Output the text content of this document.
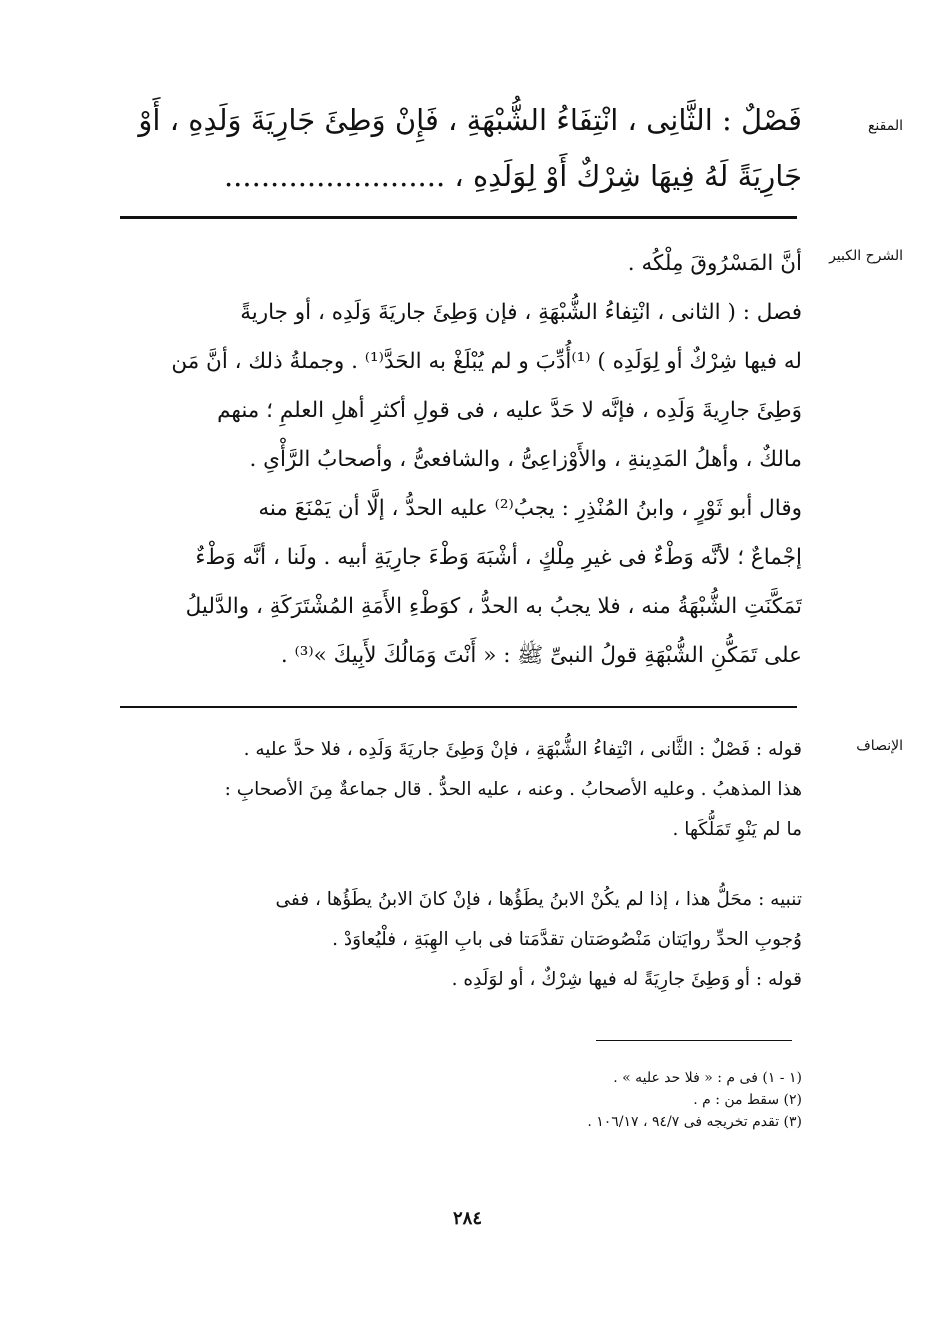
المقنع
فَصْلٌ : الثَّانِى ، انْتِفَاءُ الشُّبْهَةِ ، فَإِنْ وَطِئَ جَارِيَةَ وَلَدِهِ ، أَوْ
جَارِيَةً لَهُ فِيهَا شِرْكٌ أَوْ لِوَلَدِهِ ، ........................
الشرح الكبير
أنَّ المَسْرُوقَ مِلْكُه .
فصل : ( الثانى ، انْتِفاءُ الشُّبْهَةِ ، فإن وَطِئَ جاريَةَ وَلَدِه ، أو جاريةً
له فيها شِرْكٌ أو لِوَلَدِه ) ⁽¹⁾أُدِّبَ و لم يُبْلَغْ به الحَدَّ⁽¹⁾ . وجملةُ ذلك ، أنَّ مَن
وَطِئَ جارِيةَ وَلَدِه ، فإنَّه لا حَدَّ عليه ، فى قولِ أكثرِ أهلِ العلمِ ؛ منهم
مالكٌ ، وأهلُ المَدِينةِ ، والأَوْزاعِىُّ ، والشافعىُّ ، وأصحابُ الرَّأْىِ .
وقال أبو ثَوْرٍ ، وابنُ المُنْذِرِ : يجبُ⁽²⁾ عليه الحدُّ ، إلَّا أن يَمْنَعَ منه
إجْماعٌ ؛ لأنَّه وَطْءٌ فى غيرِ مِلْكٍ ، أشْبَهَ وَطْءَ جارِيَةِ أبيه . ولَنا ، أنَّه وَطْءٌ
تَمَكَّنَتِ الشُّبْهَةُ منه ، فلا يجبُ به الحدُّ ، كوَطْءِ الأَمَةِ المُشْتَرَكَةِ ، والدَّليلُ
على تَمَكُّنِ الشُّبْهَةِ قولُ النبىِّ ﷺ : « أَنْتَ وَمَالُكَ لأَبِيكَ »⁽³⁾ .
الإنصاف
قوله : فَصْلٌ : الثَّانى ، انْتِفاءُ الشُّبْهَةِ ، فإنْ وَطِئَ جاريَةَ وَلَدِه ، فلا حدَّ عليه .
هذا المذهبُ . وعليه الأصحابُ . وعنه ، عليه الحدُّ . قال جماعةٌ مِنَ الأصحابِ :
ما لم يَنْوِ تَمَلُّكَها .
تنبيه : محَلُّ هذا ، إذا لم يكُنْ الابنُ يطَؤُها ، فإنْ كانَ الابنُ يطَؤُها ، ففى
وُجوبِ الحدِّ روايَتان مَنْصُوصَتان تقدَّمَتا فى بابِ الهِبَةِ ، فلْيُعاوَدْ .
قوله : أو وَطِئَ جارِيَةً له فيها شِرْكٌ ، أو لوَلَدِه .
(١ - ١) فى م : « فلا حد عليه » .
(٢) سقط من : م .
(٣) تقدم تخريجه فى ٩٤/٧ ، ١٠٦/١٧ .
٢٨٤
